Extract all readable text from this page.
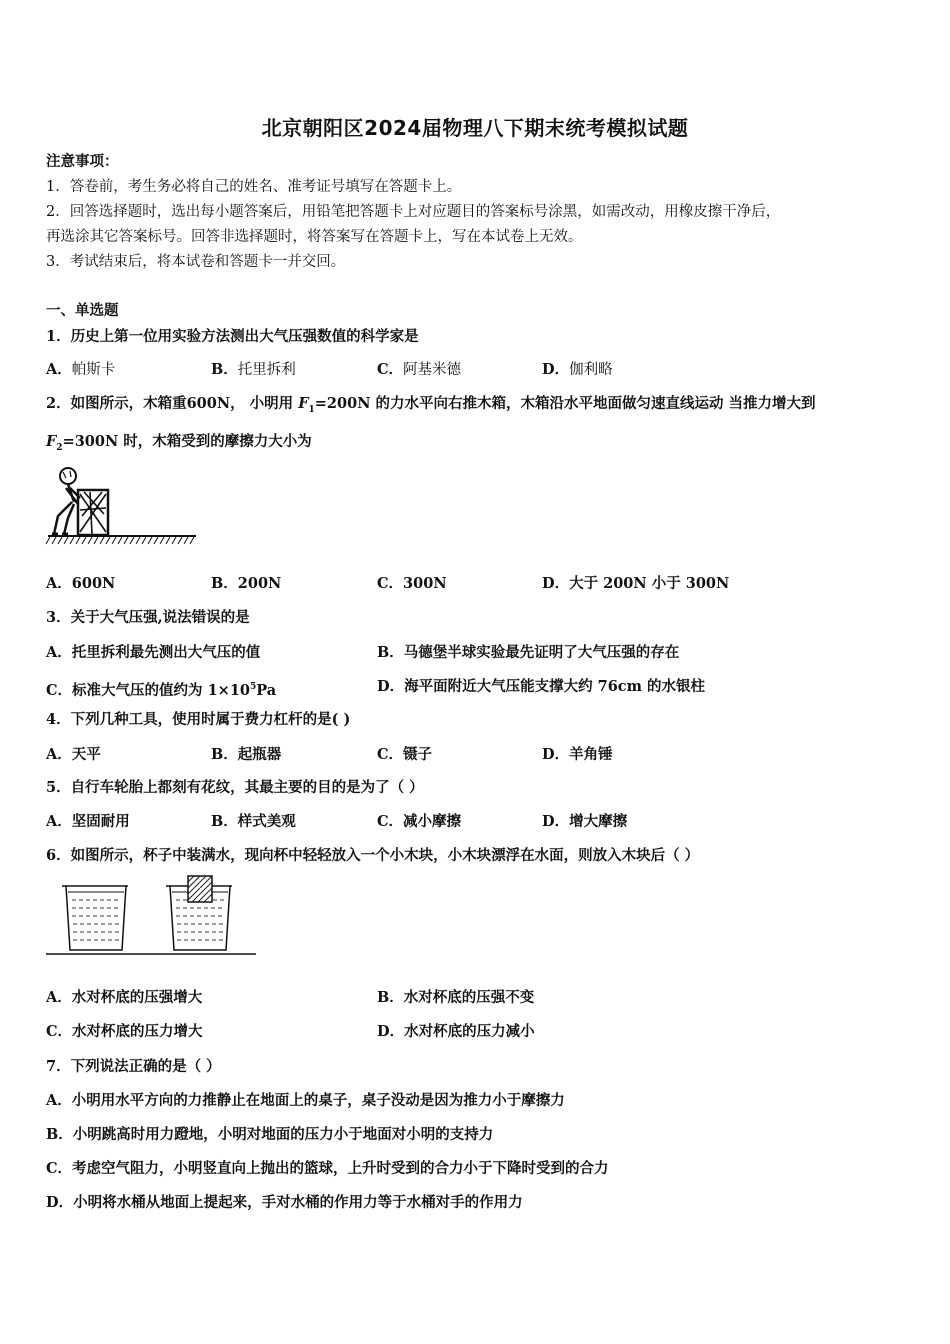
北京朝阳区2024届物理八下期末统考模拟试题
注意事项：
1．答卷前，考生务必将自己的姓名、准考证号填写在答题卡上。
2．回答选择题时，选出每小题答案后，用铅笔把答题卡上对应题目的答案标号涂黑，如需改动，用橡皮擦干净后，
再选涂其它答案标号。回答非选择题时，将答案写在答题卡上，写在本试卷上无效。
3．考试结束后，将本试卷和答题卡一并交回。
一、单选题
1．历史上第一位用实验方法测出大气压强数值的科学家是
A．帕斯卡	B．托里拆利	C．阿基米德	D．伽利略
2．如图所示，木箱重600N， 小明用 $F_1=200N$ 的力水平向右推木箱，木箱沿水平地面做匀速直线运动 当推力增大到
$F_2=300N$ 时，木箱受到的摩擦力大小为
A．600N	B．200N	C．300N	D．大于 200N 小于 300N
3．关于大气压强,说法错误的是
A．托里拆利最先测出大气压的值	B．马德堡半球实验最先证明了大气压强的存在
C．标准大气压的值约为 $1\times 10^5Pa$	D．海平面附近大气压能支撑大约 76cm 的水银柱
4．下列几种工具，使用时属于费力杠杆的是( )
A．天平	B．起瓶器	C．镊子	D．羊角锤
5．自行车轮胎上都刻有花纹，其最主要的目的是为了（ ）
A．坚固耐用	B．样式美观	C．减小摩擦	D．增大摩擦
6．如图所示，杯子中装满水，现向杯中轻轻放入一个小木块，小木块漂浮在水面，则放入木块后（ ）
A．水对杯底的压强增大	B．水对杯底的压强不变
C．水对杯底的压力增大	D．水对杯底的压力减小
7．下列说法正确的是（ ）
A．小明用水平方向的力推静止在地面上的桌子，桌子没动是因为推力小于摩擦力
B．小明跳高时用力蹬地，小明对地面的压力小于地面对小明的支持力
C．考虑空气阻力，小明竖直向上抛出的篮球，上升时受到的合力小于下降时受到的合力
D．小明将水桶从地面上提起来，手对水桶的作用力等于水桶对手的作用力
